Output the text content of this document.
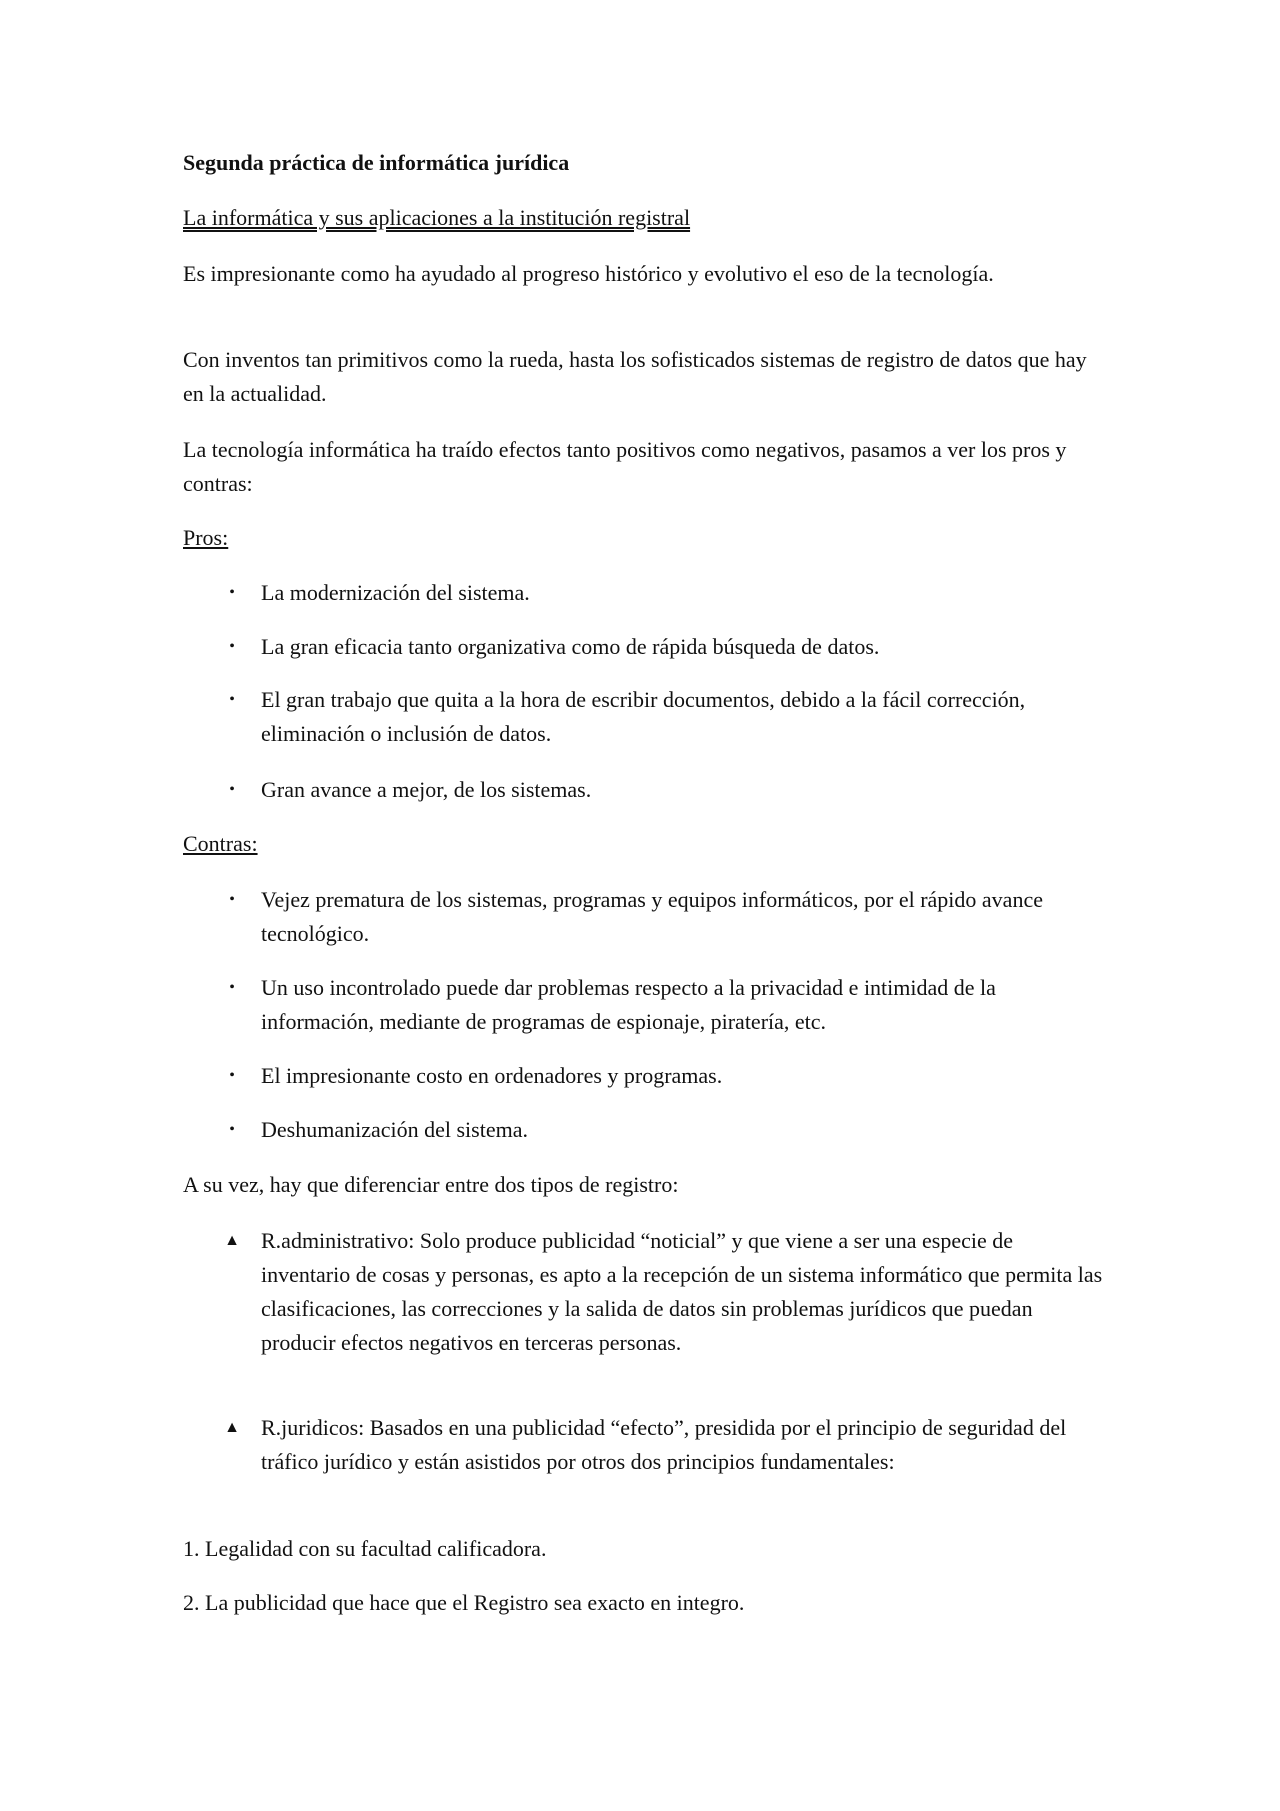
Segunda práctica de informática jurídica

La informática y sus aplicaciones a la institución registral

Es impresionante como ha ayudado al progreso histórico y evolutivo el eso de la tecnología.

Con inventos tan primitivos como la rueda, hasta los sofisticados sistemas de registro de datos que hay en la actualidad.

La tecnología informática ha traído efectos tanto positivos como negativos, pasamos a ver los pros y contras:

Pros:

•	La modernización del sistema.

•	La gran eficacia tanto organizativa como de rápida búsqueda de datos.

•	El gran trabajo que quita a la hora de escribir documentos, debido a la fácil corrección, eliminación o inclusión de datos.

•	Gran avance a mejor, de los sistemas.

Contras:

•	Vejez prematura de los sistemas, programas y equipos informáticos, por el rápido avance tecnológico.

•	Un uso incontrolado puede dar problemas respecto a la privacidad e intimidad de la información, mediante de programas de espionaje, piratería, etc.

•	El impresionante costo en ordenadores y programas.

•	Deshumanización del sistema.

A su vez, hay que diferenciar entre dos tipos de registro:

▲ R.administrativo: Solo produce publicidad “noticial” y que viene a ser una especie de inventario de cosas y personas, es apto a la recepción de un sistema informático que permita las clasificaciones, las correcciones y la salida de datos sin problemas jurídicos que puedan producir efectos negativos en terceras personas.

▲ R.juridicos: Basados en una publicidad “efecto”, presidida por el principio de seguridad del tráfico jurídico y están asistidos por otros dos principios fundamentales:

1. Legalidad con su facultad calificadora.

2. La publicidad que hace que el Registro sea exacto en integro.
